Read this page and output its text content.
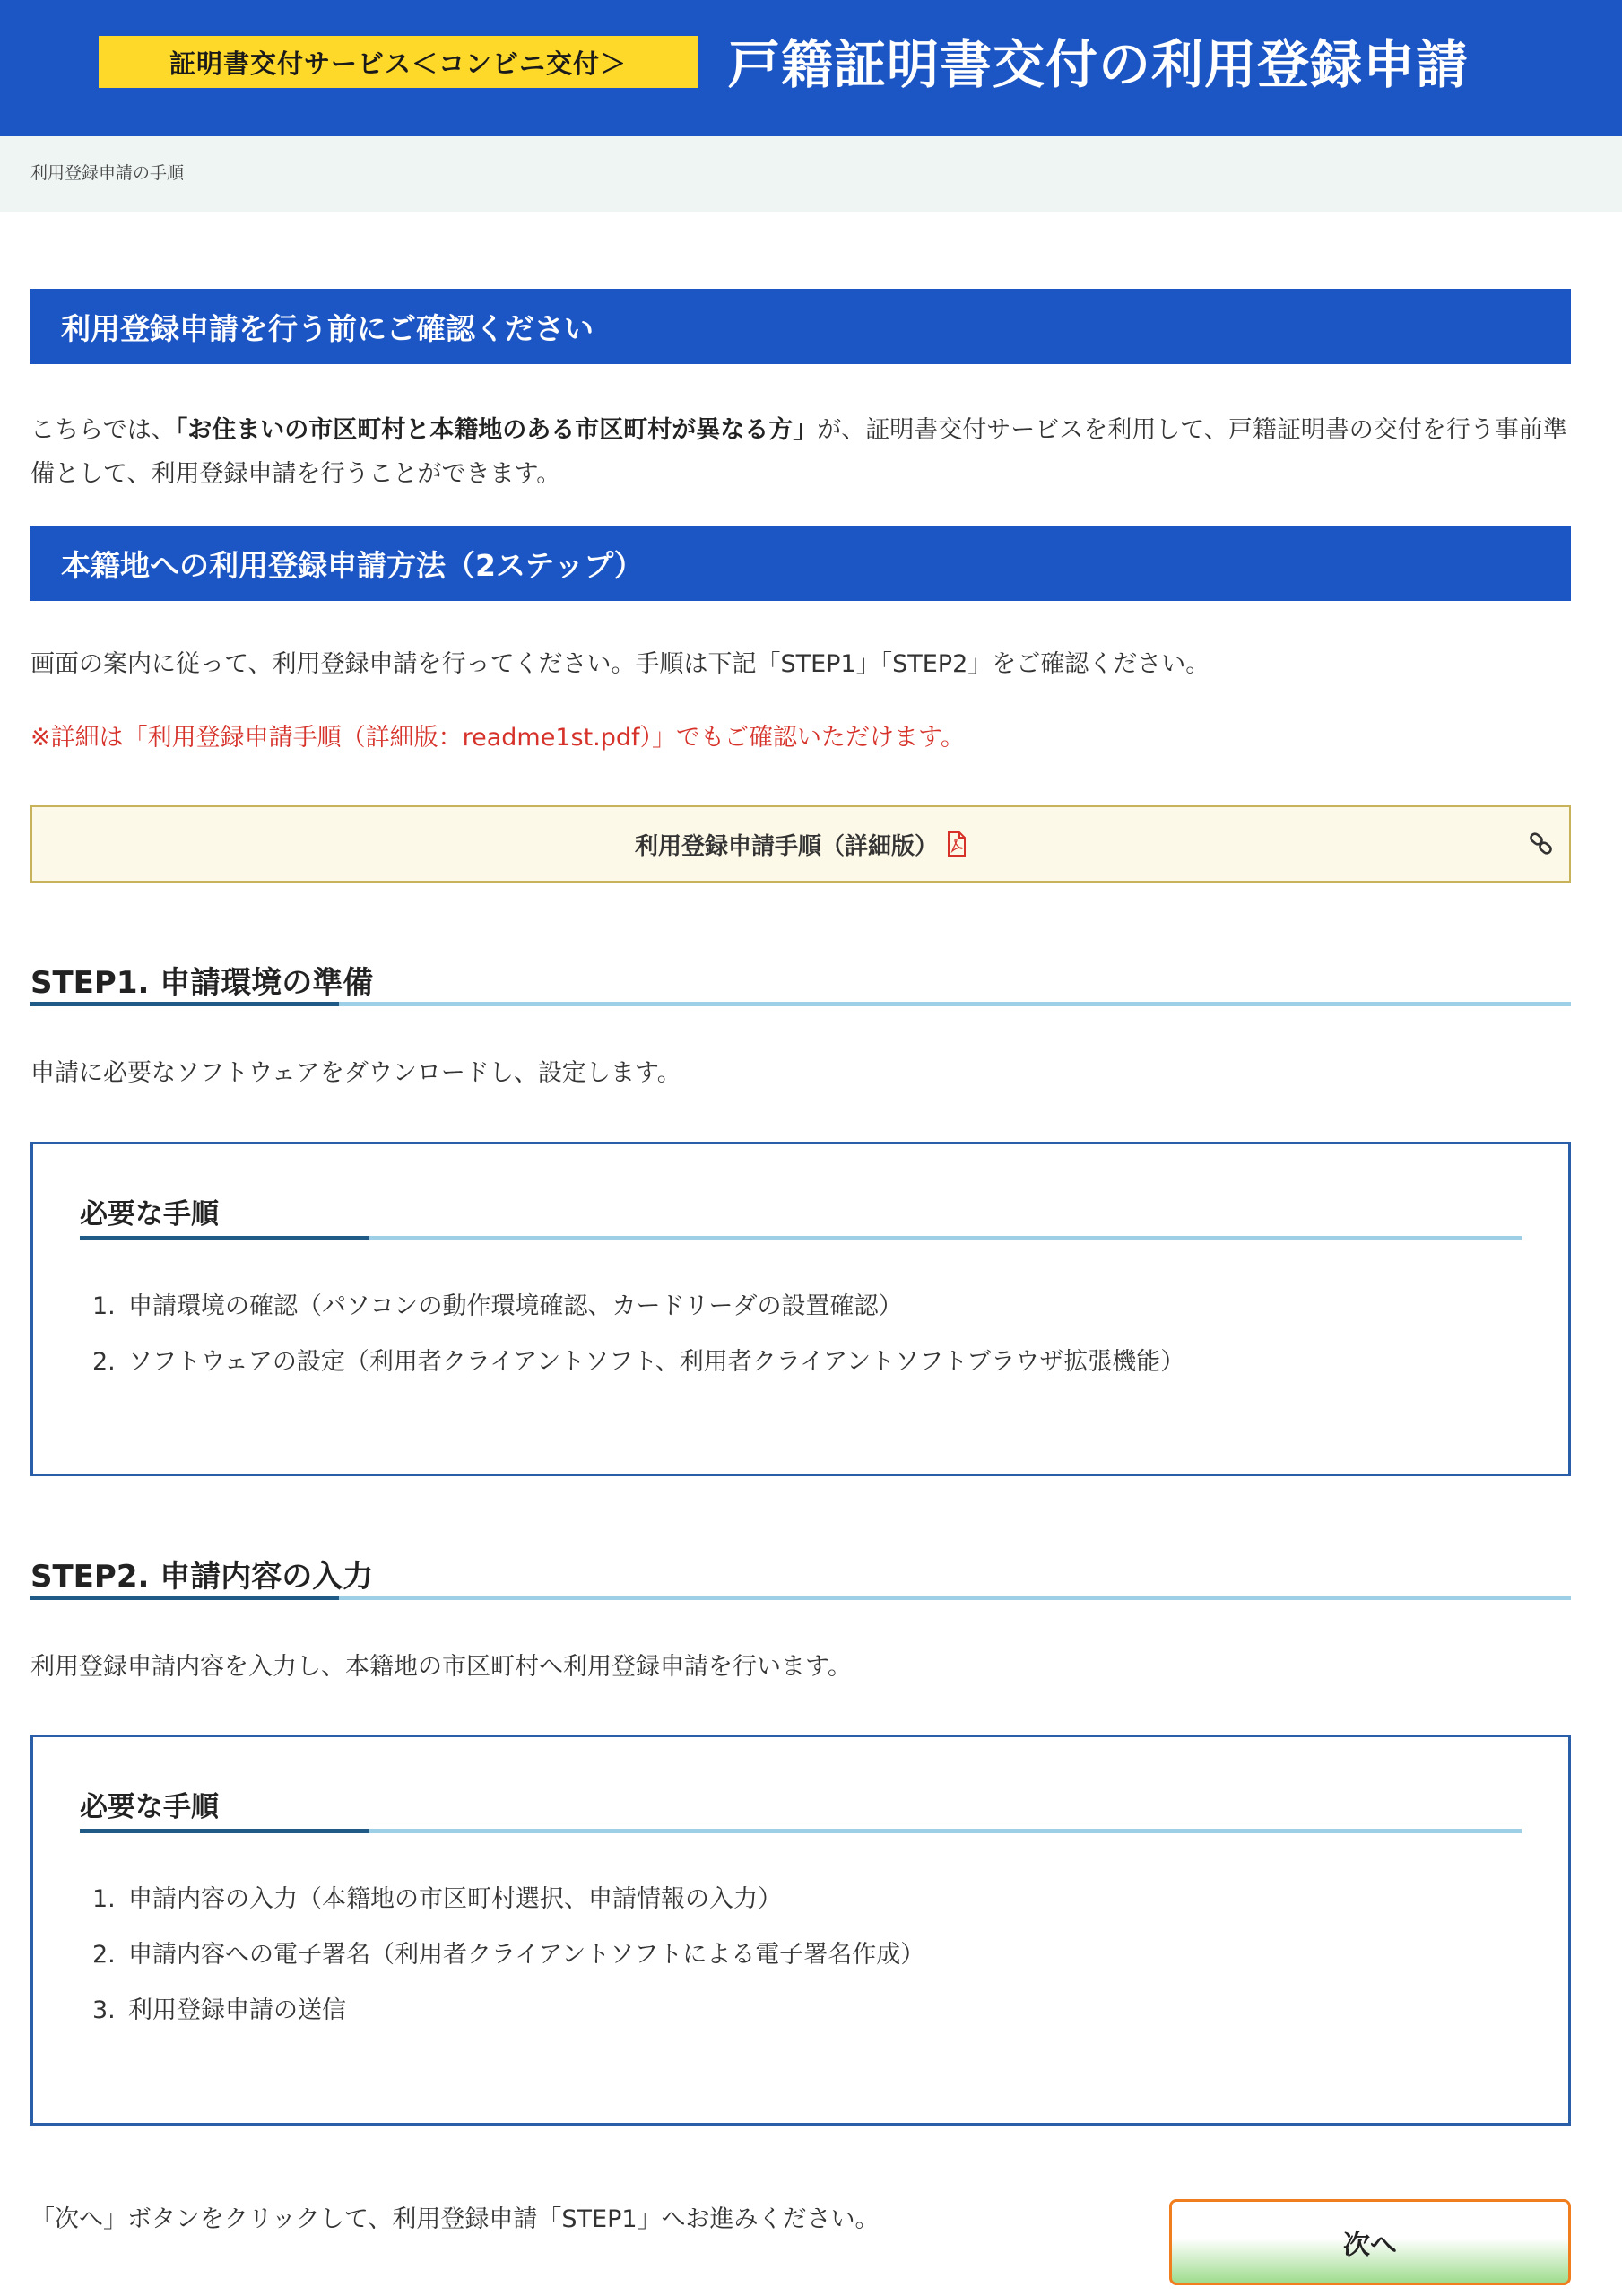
証明書交付サービス＜コンビニ交付＞	戸籍証明書交付の利用登録申請
利用登録申請の手順
利用登録申請を行う前にご確認ください
こちらでは、「お住まいの市区町村と本籍地のある市区町村が異なる方」が、証明書交付サービスを利用して、戸籍証明書の交付を行う事前準備として、利用登録申請を行うことができます。
本籍地への利用登録申請方法（2ステップ）
画面の案内に従って、利用登録申請を行ってください。手順は下記「STEP1」「STEP2」をご確認ください。
※詳細は「利用登録申請手順（詳細版：readme1st.pdf）」でもご確認いただけます。
利用登録申請手順（詳細版）
STEP1. 申請環境の準備
申請に必要なソフトウェアをダウンロードし、設定します。
必要な手順
1. 申請環境の確認（パソコンの動作環境確認、カードリーダの設置確認）
2. ソフトウェアの設定（利用者クライアントソフト、利用者クライアントソフトブラウザ拡張機能）
STEP2. 申請内容の入力
利用登録申請内容を入力し、本籍地の市区町村へ利用登録申請を行います。
必要な手順
1. 申請内容の入力（本籍地の市区町村選択、申請情報の入力）
2. 申請内容への電子署名（利用者クライアントソフトによる電子署名作成）
3. 利用登録申請の送信
「次へ」ボタンをクリックして、利用登録申請「STEP1」へお進みください。
次へ
